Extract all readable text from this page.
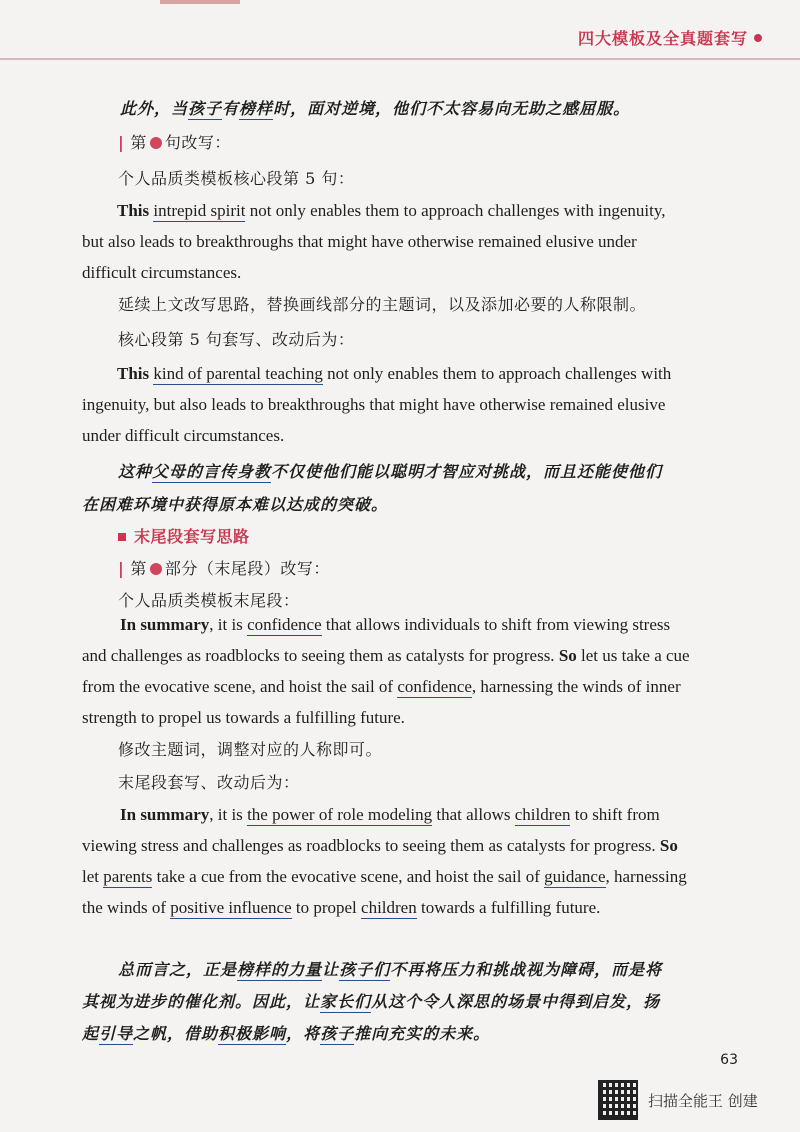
四大模板及全真题套写
此外，当孩子有榜样时，面对逆境，他们不太容易向无助之感屈服。
| 第 句改写：
个人品质类模板核心段第 5 句：
This intrepid spirit not only enables them to approach challenges with ingenuity, but also leads to breakthroughs that might have otherwise remained elusive under difficult circumstances.
延续上文改写思路，替换画线部分的主题词，以及添加必要的人称限制。
核心段第 5 句套写、改动后为：
This kind of parental teaching not only enables them to approach challenges with ingenuity, but also leads to breakthroughs that might have otherwise remained elusive under difficult circumstances.
这种父母的言传身教不仅使他们能以聪明才智应对挑战，而且还能使他们
在困难环境中获得原本难以达成的突破。
末尾段套写思路
| 第 部分（末尾段）改写：
个人品质类模板末尾段：
In summary, it is confidence that allows individuals to shift from viewing stress and challenges as roadblocks to seeing them as catalysts for progress. So let us take a cue from the evocative scene, and hoist the sail of confidence, harnessing the winds of inner strength to propel us towards a fulfilling future.
修改主题词，调整对应的人称即可。
末尾段套写、改动后为：
In summary, it is the power of role modeling that allows children to shift from viewing stress and challenges as roadblocks to seeing them as catalysts for progress. So let parents take a cue from the evocative scene, and hoist the sail of guidance, harnessing the winds of positive influence to propel children towards a fulfilling future.
总而言之，正是榜样的力量让孩子们不再将压力和挑战视为障碍，而是将
其视为进步的催化剂。因此，让家长们从这个令人深思的场景中得到启发，扬
起引导之帆，借助积极影响，将孩子推向充实的未来。
63
扫描全能王 创建
